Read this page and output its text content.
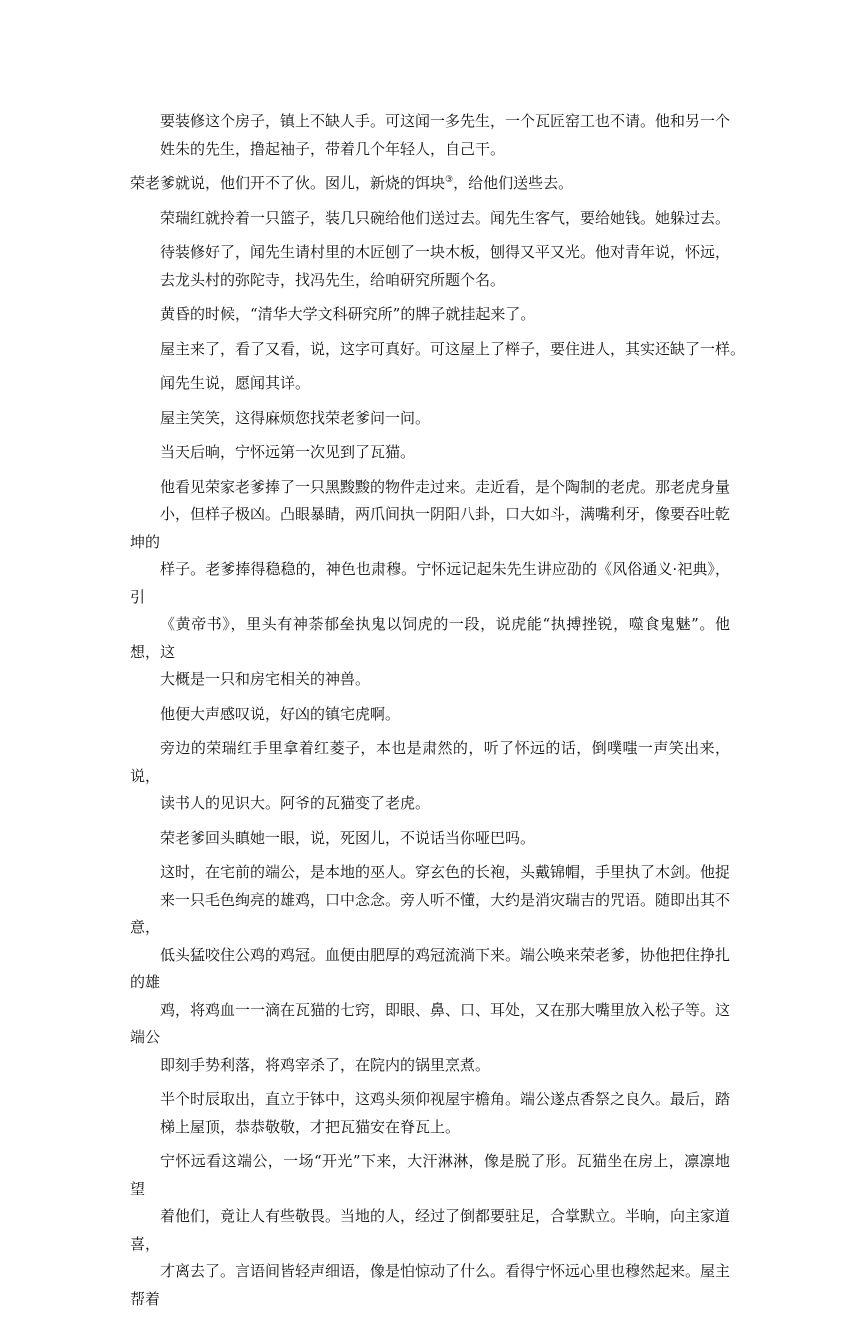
要装修这个房子，镇上不缺人手。可这闻一多先生，一个瓦匠窑工也不请。他和另一个
姓朱的先生，撸起袖子，带着几个年轻人，自己干。

荣老爹就说，他们开不了伙。囡儿，新烧的饵块③，给他们送些去。

荣瑞红就拎着一只篮子，装几只碗给他们送过去。闻先生客气，要给她钱。她躲过去。

待装修好了，闻先生请村里的木匠刨了一块木板，刨得又平又光。他对青年说，怀远，
去龙头村的弥陀寺，找冯先生，给咱研究所题个名。

黄昏的时候，“清华大学文科研究所”的牌子就挂起来了。

屋主来了，看了又看，说，这字可真好。可这屋上了榉子，要住进人，其实还缺了一样。

闻先生说，愿闻其详。

屋主笑笑，这得麻烦您找荣老爹问一问。

当天后晌，宁怀远第一次见到了瓦猫。

他看见荣家老爹捧了一只黑黢黢的物件走过来。走近看，是个陶制的老虎。那老虎身量
小，但样子极凶。凸眼暴睛，两爪间执一阴阳八卦，口大如斗，满嘴利牙，像要吞吐乾坤的
样子。老爹捧得稳稳的，神色也肃穆。宁怀远记起朱先生讲应劭的《风俗通义·祀典》，引
《黄帝书》，里头有神荼郁垒执鬼以饲虎的一段，说虎能“执搏挫锐，噬食鬼魅”。他想，这
大概是一只和房宅相关的神兽。

他便大声感叹说，好凶的镇宅虎啊。

旁边的荣瑞红手里拿着红菱子，本也是肃然的，听了怀远的话，倒噗嗤一声笑出来，说，
读书人的见识大。阿爷的瓦猫变了老虎。

荣老爹回头瞋她一眼，说，死囡儿，不说话当你哑巴吗。

这时，在宅前的端公，是本地的巫人。穿玄色的长袍，头戴锦帽，手里执了木剑。他捉
来一只毛色绚亮的雄鸡，口中念念。旁人听不懂，大约是消灾瑞吉的咒语。随即出其不意，
低头猛咬住公鸡的鸡冠。血便由肥厚的鸡冠流淌下来。端公唤来荣老爹，协他把住挣扎的雄
鸡，将鸡血一一滴在瓦猫的七窍，即眼、鼻、口、耳处，又在那大嘴里放入松子等。这端公
即刻手势利落，将鸡宰杀了，在院内的锅里烹煮。

半个时辰取出，直立于钵中，这鸡头须仰视屋宇檐角。端公遂点香祭之良久。最后，踏
梯上屋顶，恭恭敬敬，才把瓦猫安在脊瓦上。

宁怀远看这端公，一场“开光”下来，大汗淋淋，像是脱了形。瓦猫坐在房上，凛凛地望
着他们，竟让人有些敬畏。当地的人，经过了倒都要驻足，合掌默立。半晌，向主家道喜，
才离去了。言语间皆轻声细语，像是怕惊动了什么。看得宁怀远心里也穆然起来。屋主帮着
